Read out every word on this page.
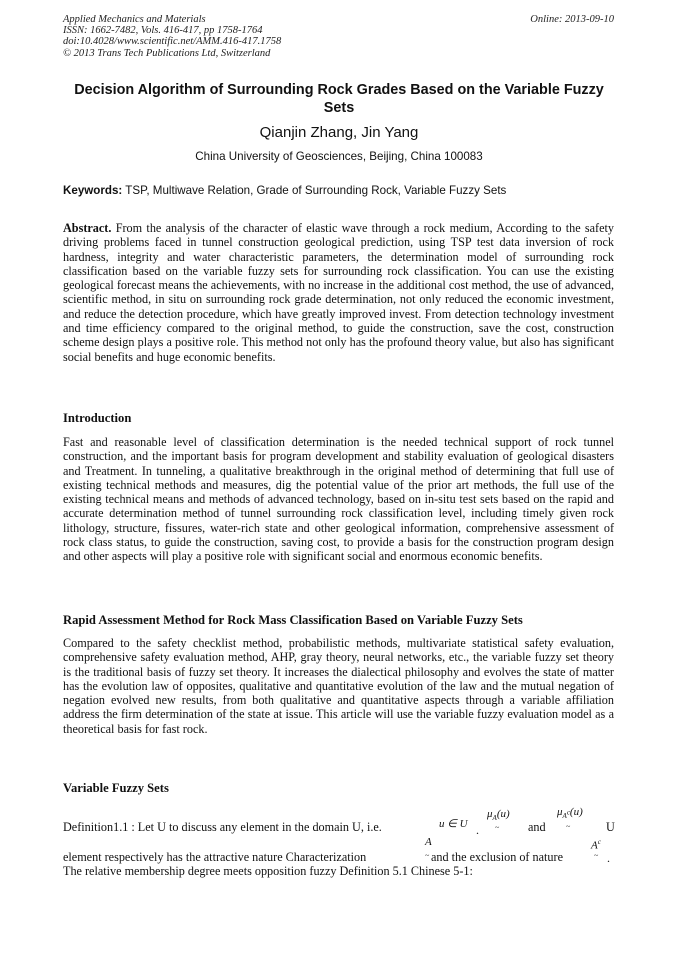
Applied Mechanics and Materials
ISSN: 1662-7482, Vols. 416-417, pp 1758-1764
doi:10.4028/www.scientific.net/AMM.416-417.1758
© 2013 Trans Tech Publications Ltd, Switzerland
Online: 2013-09-10
Decision Algorithm of Surrounding Rock Grades Based on the Variable Fuzzy Sets
Qianjin Zhang, Jin Yang
China University of Geosciences, Beijing, China 100083
Keywords: TSP, Multiwave Relation, Grade of Surrounding Rock, Variable Fuzzy Sets

Abstract. From the analysis of the character of elastic wave through a rock medium, According to the safety driving problems faced in tunnel construction geological prediction, using TSP test data inversion of rock hardness, integrity and water characteristic parameters, the determination model of surrounding rock classification based on the variable fuzzy sets for surrounding rock classification. You can use the existing geological forecast means the achievements, with no increase in the additional cost method, the use of advanced, scientific method, in situ on surrounding rock grade determination, not only reduced the economic investment, and reduce the detection procedure, which have greatly improved invest. From detection technology investment and time efficiency compared to the original method, to guide the construction, save the cost, construction scheme design plays a positive role. This method not only has the profound theory value, but also has significant social benefits and huge economic benefits.

Introduction

Fast and reasonable level of classification determination is the needed technical support of rock tunnel construction, and the important basis for program development and stability evaluation of geological disasters and Treatment. In tunneling, a qualitative breakthrough in the original method of determining that full use of existing technical methods and measures, dig the potential value of the prior art methods, the full use of the existing technical means and methods of advanced technology, based on in-situ test sets based on the rapid and accurate determination method of tunnel surrounding rock classification level, including timely given rock lithology, structure, fissures, water-rich state and other geological information, comprehensive assessment of rock class status, to guide the construction, saving cost, to provide a basis for the construction program design and other aspects will play a positive role with significant social and enormous economic benefits.

Rapid Assessment Method for Rock Mass Classification Based on Variable Fuzzy Sets

Compared to the safety checklist method, probabilistic methods, multivariate statistical safety evaluation, comprehensive safety evaluation method, AHP, gray theory, neural networks, etc., the variable fuzzy set theory is the traditional basis of fuzzy set theory. It increases the dialectical philosophy and evolves the state of matter has the evolution law of opposites, qualitative and quantitative evolution of the law and the mutual negation of negation evolved new results, from both qualitative and quantitative aspects through a variable affiliation address the firm determination of the state at issue. This article will use the variable fuzzy evaluation model as a theoretical basis for fast rock.

Variable Fuzzy Sets
Definition1.1 : Let U to discuss any element in the domain U, i.e.	u ∈ U .
$\mu_A(u)$
~ and
$\mu_{A^c}(u)$
~	U
element respectively has the attractive nature Characterization
A
~ and the exclusion of nature
$A^c$
~ .
The relative membership degree meets opposition fuzzy Definition 5.1 Chinese 5-1:
